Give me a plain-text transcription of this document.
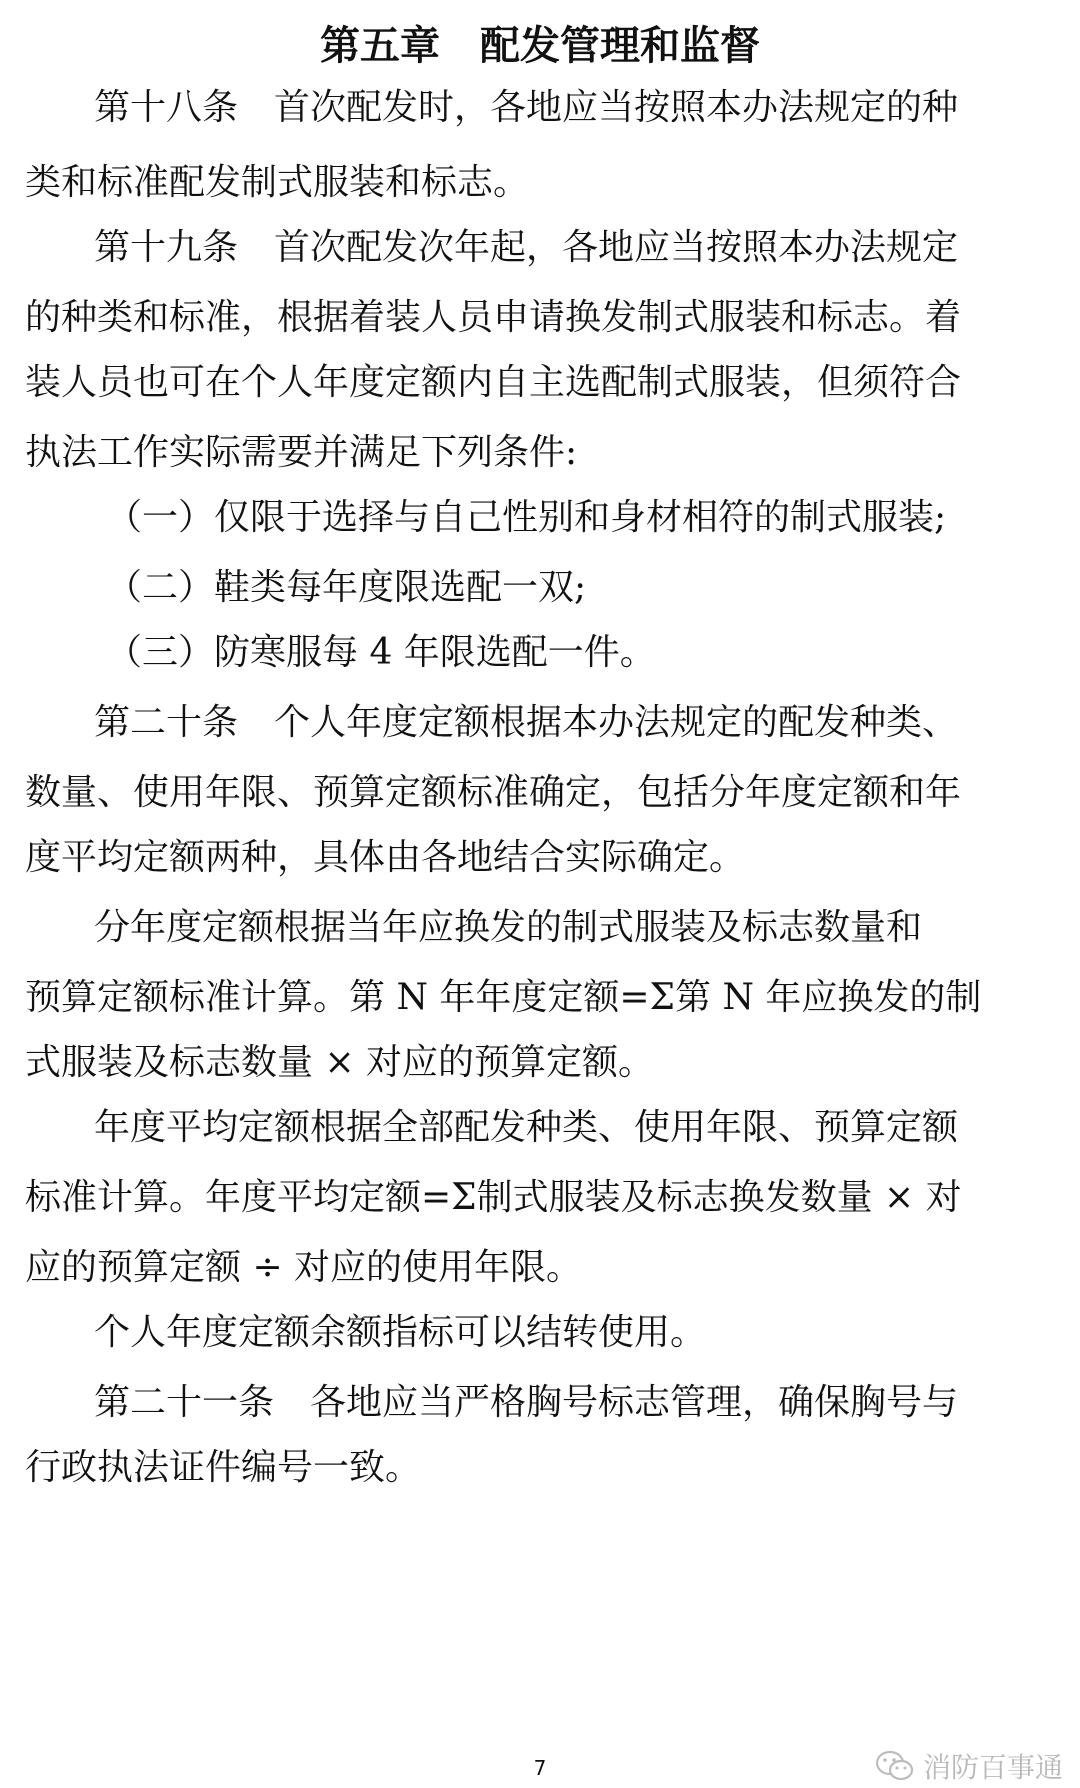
第五章　配发管理和监督
第十八条　首次配发时，各地应当按照本办法规定的种
类和标准配发制式服装和标志。
第十九条　首次配发次年起，各地应当按照本办法规定
的种类和标准，根据着装人员申请换发制式服装和标志。着
装人员也可在个人年度定额内自主选配制式服装，但须符合
执法工作实际需要并满足下列条件:
（一）仅限于选择与自己性别和身材相符的制式服装;
（二）鞋类每年度限选配一双;
（三）防寒服每 4 年限选配一件。
第二十条　个人年度定额根据本办法规定的配发种类、
数量、使用年限、预算定额标准确定，包括分年度定额和年
度平均定额两种，具体由各地结合实际确定。
分年度定额根据当年应换发的制式服装及标志数量和
预算定额标准计算。第 N 年年度定额=Σ第 N 年应换发的制
式服装及标志数量 × 对应的预算定额。
年度平均定额根据全部配发种类、使用年限、预算定额
标准计算。年度平均定额=Σ制式服装及标志换发数量 × 对
应的预算定额 ÷ 对应的使用年限。
个人年度定额余额指标可以结转使用。
第二十一条　各地应当严格胸号标志管理，确保胸号与
行政执法证件编号一致。
7	消防百事通
